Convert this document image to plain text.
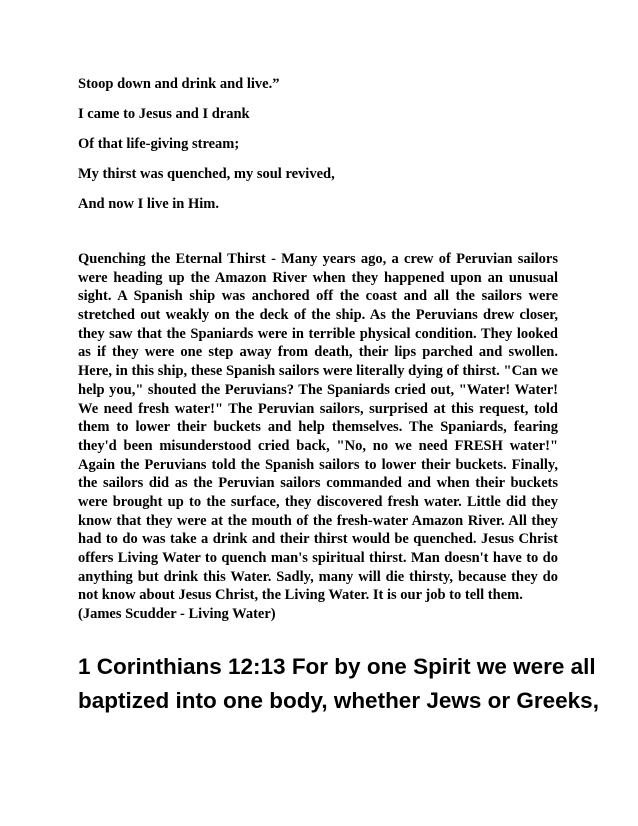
Stoop down and drink and live.”
I came to Jesus and I drank
Of that life-giving stream;
My thirst was quenched, my soul revived,
And now I live in Him.
Quenching the Eternal Thirst - Many years ago, a crew of Peruvian sailors
were heading up the Amazon River when they happened upon an unusual
sight. A Spanish ship was anchored off the coast and all the sailors were
stretched out weakly on the deck of the ship. As the Peruvians drew closer,
they saw that the Spaniards were in terrible physical condition. They looked
as if they were one step away from death, their lips parched and swollen.
Here, in this ship, these Spanish sailors were literally dying of thirst. "Can we
help you," shouted the Peruvians? The Spaniards cried out, "Water! Water!
We need fresh water!" The Peruvian sailors, surprised at this request, told
them to lower their buckets and help themselves. The Spaniards, fearing
they'd been misunderstood cried back, "No, no we need FRESH water!"
Again the Peruvians told the Spanish sailors to lower their buckets. Finally,
the sailors did as the Peruvian sailors commanded and when their buckets
were brought up to the surface, they discovered fresh water. Little did they
know that they were at the mouth of the fresh-water Amazon River. All they
had to do was take a drink and their thirst would be quenched. Jesus Christ
offers Living Water to quench man's spiritual thirst. Man doesn't have to do
anything but drink this Water. Sadly, many will die thirsty, because they do
not know about Jesus Christ, the Living Water. It is our job to tell them.
(James Scudder - Living Water)
1 Corinthians 12:13 For by one Spirit we were all
baptized into one body, whether Jews or Greeks,
